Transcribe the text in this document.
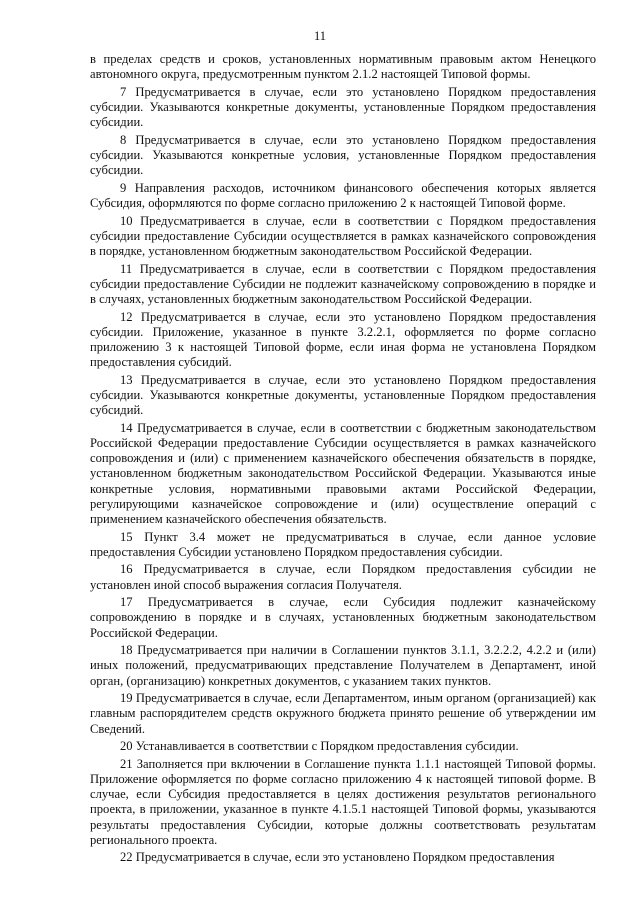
11

в пределах средств и сроков, установленных нормативным правовым актом Ненецкого автономного округа, предусмотренным пунктом 2.1.2 настоящей Типовой формы.

7 Предусматривается в случае, если это установлено Порядком предоставления субсидии. Указываются конкретные документы, установленные Порядком предоставления субсидии.

8 Предусматривается в случае, если это установлено Порядком предоставления субсидии. Указываются конкретные условия, установленные Порядком предоставления субсидии.

9 Направления расходов, источником финансового обеспечения которых является Субсидия, оформляются по форме согласно приложению 2 к настоящей Типовой форме.

10 Предусматривается в случае, если в соответствии с Порядком предоставления субсидии предоставление Субсидии осуществляется в рамках казначейского сопровождения в порядке, установленном бюджетным законодательством Российской Федерации.

11 Предусматривается в случае, если в соответствии с Порядком предоставления субсидии предоставление Субсидии не подлежит казначейскому сопровождению в порядке и в случаях, установленных бюджетным законодательством Российской Федерации.

12 Предусматривается в случае, если это установлено Порядком предоставления субсидии. Приложение, указанное в пункте 3.2.2.1, оформляется по форме согласно приложению 3 к настоящей Типовой форме, если иная форма не установлена Порядком предоставления субсидий.

13 Предусматривается в случае, если это установлено Порядком предоставления субсидии. Указываются конкретные документы, установленные Порядком предоставления субсидий.

14 Предусматривается в случае, если в соответствии с бюджетным законодательством Российской Федерации предоставление Субсидии осуществляется в рамках казначейского сопровождения и (или) с применением казначейского обеспечения обязательств в порядке, установленном бюджетным законодательством Российской Федерации. Указываются иные конкретные условия, нормативными правовыми актами Российской Федерации, регулирующими казначейское сопровождение и (или) осуществление операций с применением казначейского обеспечения обязательств.

15 Пункт 3.4 может не предусматриваться в случае, если данное условие предоставления Субсидии установлено Порядком предоставления субсидии.

16 Предусматривается в случае, если Порядком предоставления субсидии не установлен иной способ выражения согласия Получателя.

17 Предусматривается в случае, если Субсидия подлежит казначейскому сопровождению в порядке и в случаях, установленных бюджетным законодательством Российской Федерации.

18 Предусматривается при наличии в Соглашении пунктов 3.1.1, 3.2.2.2, 4.2.2 и (или) иных положений, предусматривающих представление Получателем в Департамент, иной орган, (организацию) конкретных документов, с указанием таких пунктов.

19 Предусматривается в случае, если Департаментом, иным органом (организацией) как главным распорядителем средств окружного бюджета принято решение об утверждении им Сведений.

20 Устанавливается в соответствии с Порядком предоставления субсидии.

21 Заполняется при включении в Соглашение пункта 1.1.1 настоящей Типовой формы. Приложение оформляется по форме согласно приложению 4 к настоящей типовой форме. В случае, если Субсидия предоставляется в целях достижения результатов регионального проекта, в приложении, указанное в пункте 4.1.5.1 настоящей Типовой формы, указываются результаты предоставления Субсидии, которые должны соответствовать результатам регионального проекта.

22 Предусматривается в случае, если это установлено Порядком предоставления
